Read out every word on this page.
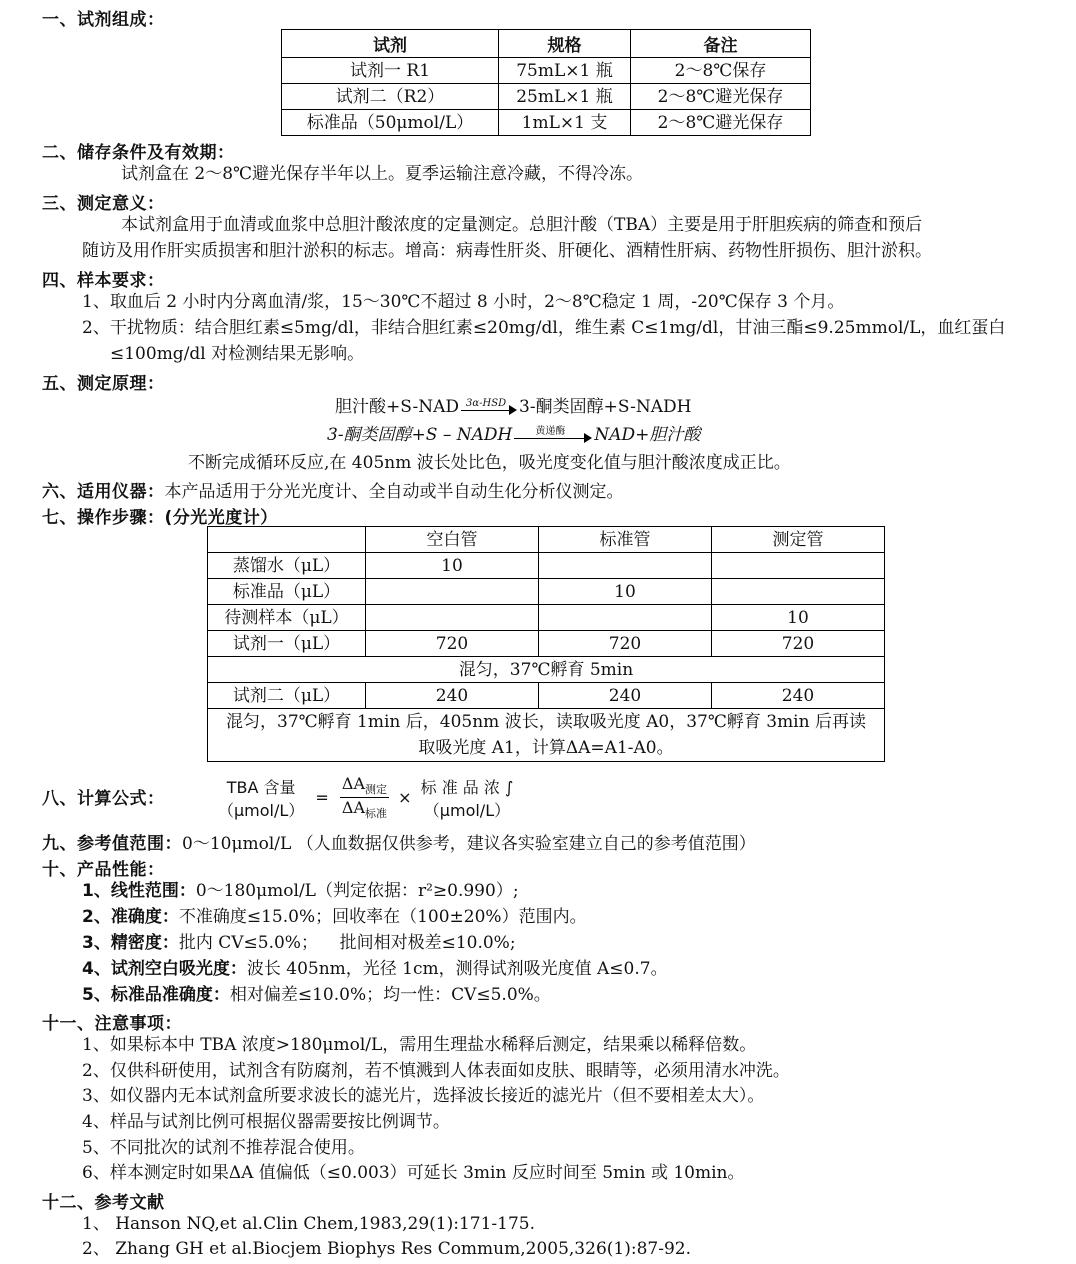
一、试剂组成：
试剂	规格	备注
试剂一 R1	75mL×1 瓶	2～8℃保存
试剂二（R2）	25mL×1 瓶	2～8℃避光保存
标准品（50μmol/L）	1mL×1 支	2～8℃避光保存
二、储存条件及有效期：
试剂盒在 2～8℃避光保存半年以上。夏季运输注意冷藏，不得冷冻。
三、测定意义：
本试剂盒用于血清或血浆中总胆汁酸浓度的定量测定。总胆汁酸（TBA）主要是用于肝胆疾病的筛查和预后
随访及用作肝实质损害和胆汁淤积的标志。增高：病毒性肝炎、肝硬化、酒精性肝病、药物性肝损伤、胆汁淤积。
四、样本要求：
1、取血后 2 小时内分离血清/浆，15～30℃不超过 8 小时，2～8℃稳定 1 周，-20℃保存 3 个月。
2、干扰物质：结合胆红素≤5mg/dl，非结合胆红素≤20mg/dl，维生素 C≤1mg/dl，甘油三酯≤9.25mmol/L，血红蛋白
≤100mg/dl 对检测结果无影响。
五、测定原理：
胆汁酸+S-NAD 3α-HSD 3-酮类固醇+S-NADH
3-酮类固醇+S – NADH	黄递酶	NAD+胆汁酸
不断完成循环反应,在 405nm 波长处比色，吸光度变化值与胆汁酸浓度成正比。
六、适用仪器：本产品适用于分光光度计、全自动或半自动生化分析仪测定。
七、操作步骤：(分光光度计）
	空白管	标准管	测定管
蒸馏水（μL）	10		
标准品（μL）		10	
待测样本（μL）			10
试剂一（μL）	720	720	720
混匀，37℃孵育 5min			
试剂二（μL）	240	240	240

混匀，37℃孵育 1min 后，405nm 波长，读取吸光度 A0，37℃孵育 3min 后再读
取吸光度 A1，计算ΔA=A1-A0。			
八、计算公式：
TBA 含量
（μmol/L）
= $\frac{\Delta A_{测定}}{\Delta A_{标准}}$ ×
标 准 品 浓 ∫
（μmol/L）
九、参考值范围：0～10μmol/L （人血数据仅供参考，建议各实验室建立自己的参考值范围）
十、产品性能：
1、线性范围：0～180μmol/L（判定依据：r²≥0.990）;
2、准确度：不准确度≤15.0%；回收率在（100±20%）范围内。
3、精密度：批内 CV≤5.0%；    批间相对极差≤10.0%;
4、试剂空白吸光度：波长 405nm，光径 1cm，测得试剂吸光度值 A≤0.7。
5、标准品准确度：相对偏差≤10.0%；均一性：CV≤5.0%。
十一、注意事项：
1、如果标本中 TBA 浓度>180μmol/L，需用生理盐水稀释后测定，结果乘以稀释倍数。
2、仅供科研使用，试剂含有防腐剂，若不慎溅到人体表面如皮肤、眼睛等，必须用清水冲洗。
3、如仪器内无本试剂盒所要求波长的滤光片，选择波长接近的滤光片（但不要相差太大）。
4、样品与试剂比例可根据仪器需要按比例调节。
5、不同批次的试剂不推荐混合使用。
6、样本测定时如果ΔA 值偏低（≤0.003）可延长 3min 反应时间至 5min 或 10min。
十二、参考文献
1、 Hanson NQ,et al.Clin Chem,1983,29(1):171-175.
2、 Zhang GH et al.Biocjem Biophys Res Commum,2005,326(1):87-92.
